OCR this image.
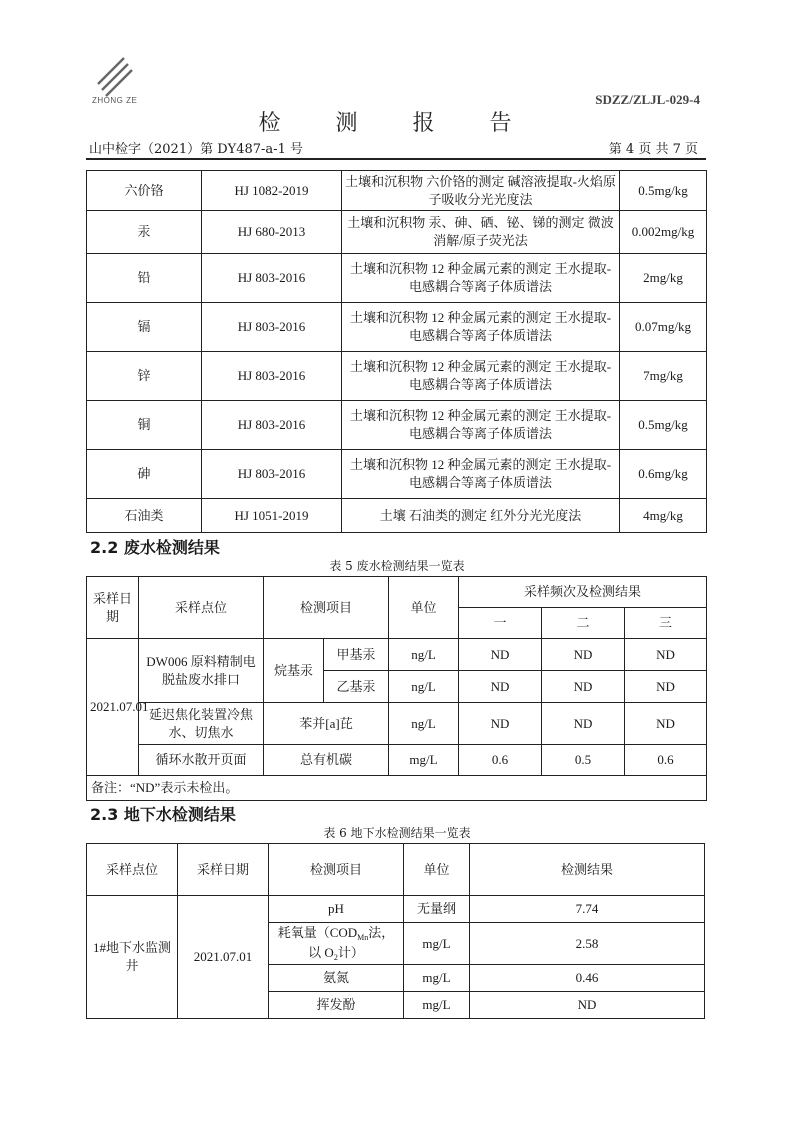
ZHONG ZE	SDZZ/ZLJL-029-4
检 测 报 告
山中检字（2021）第 DY487-a-1 号	第 4 页 共 7 页
六价铬	HJ 1082-2019	土壤和沉积物 六价铬的测定 碱溶液提取-火焰原子吸收分光光度法	0.5mg/kg
汞	HJ 680-2013	土壤和沉积物 汞、砷、硒、铋、锑的测定 微波消解/原子荧光法	0.002mg/kg
铅	HJ 803-2016	土壤和沉积物 12 种金属元素的测定 王水提取-电感耦合等离子体质谱法	2mg/kg
镉	HJ 803-2016	土壤和沉积物 12 种金属元素的测定 王水提取-电感耦合等离子体质谱法	0.07mg/kg
锌	HJ 803-2016	土壤和沉积物 12 种金属元素的测定 王水提取-电感耦合等离子体质谱法	7mg/kg
铜	HJ 803-2016	土壤和沉积物 12 种金属元素的测定 王水提取-电感耦合等离子体质谱法	0.5mg/kg
砷	HJ 803-2016	土壤和沉积物 12 种金属元素的测定 王水提取-电感耦合等离子体质谱法	0.6mg/kg
石油类	HJ 1051-2019	土壤 石油类的测定 红外分光光度法	4mg/kg
2.2 废水检测结果
表 5 废水检测结果一览表
采样日期	采样点位	检测项目		单位	采样频次及检测结果		
					一	二	三
2021.07.01	DW006 原料精制电脱盐废水排口	烷基汞	甲基汞	ng/L	ND	ND	ND
			乙基汞	ng/L	ND	ND	ND
	延迟焦化装置冷焦水、切焦水	苯并[a]芘		ng/L	ND	ND	ND
	循环水散开页面	总有机碳		mg/L	0.6	0.5	0.6
备注：“ND”表示未检出。							
2.3 地下水检测结果
表 6 地下水检测结果一览表
采样点位	采样日期	检测项目	单位	检测结果
1#地下水监测井	2021.07.01	pH	无量纲	7.74
		耗氧量（$COD_{Mn}$法，以 $O_2$计）	mg/L	2.58
		氨氮	mg/L	0.46
		挥发酚	mg/L	ND
